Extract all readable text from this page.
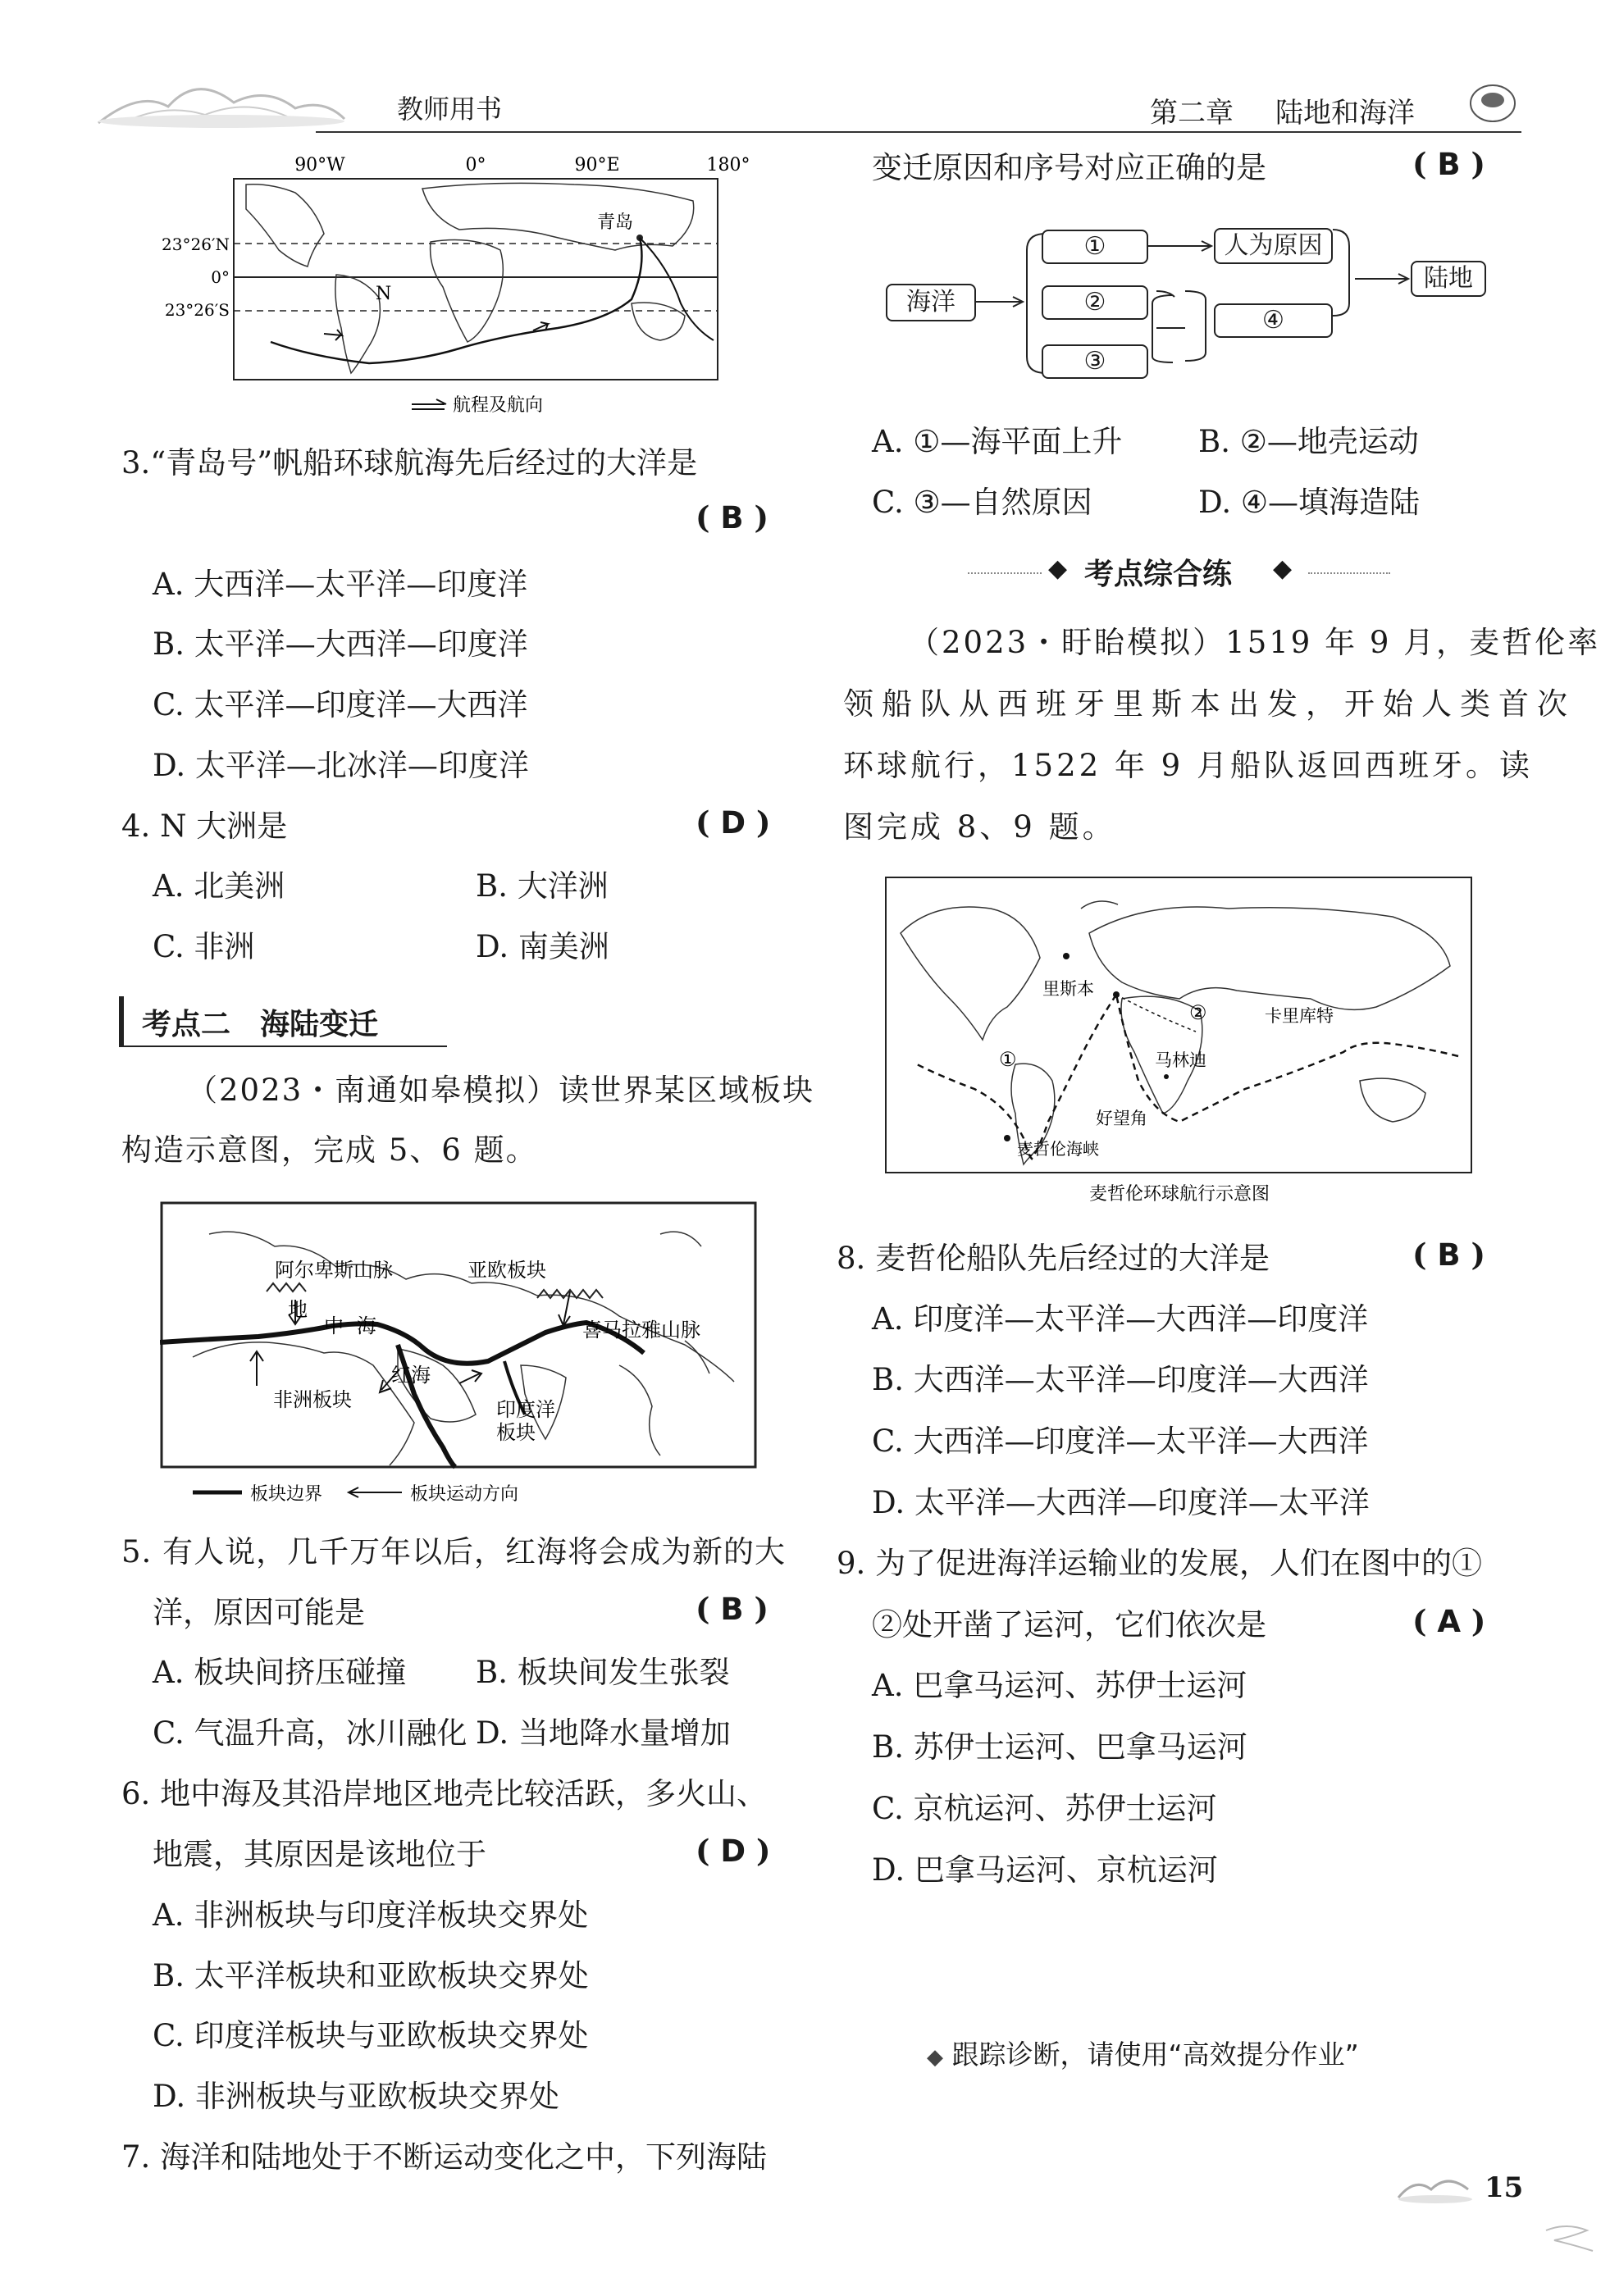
教师用书	第二章 陆地和海洋
90°W	0°	90°E	180°
23°26′N
0°
23°26′S
N
青岛
航程及航向
3.“青岛号”帆船环球航海先后经过的大洋是
( B )
A. 大西洋—太平洋—印度洋
B. 太平洋—大西洋—印度洋
C. 太平洋—印度洋—大西洋
D. 太平洋—北冰洋—印度洋
4. N 大洲是	( D )
A. 北美洲	B. 大洋洲
C. 非洲	D. 南美洲
考点二　海陆变迁
（2023・南通如皋模拟）读世界某区域板块
构造示意图，完成 5、6 题。
阿尔卑斯山脉	亚欧板块
地
中 海	喜马拉雅山脉
红海
非洲板块	印度洋
板块
板块边界	板块运动方向
5. 有人说，几千万年以后，红海将会成为新的大
洋，原因可能是	( B )
A. 板块间挤压碰撞 B. 板块间发生张裂
C. 气温升高，冰川融化 D. 当地降水量增加
6. 地中海及其沿岸地区地壳比较活跃，多火山、
地震，其原因是该地位于	( D )
A. 非洲板块与印度洋板块交界处
B. 太平洋板块和亚欧板块交界处
C. 印度洋板块与亚欧板块交界处
D. 非洲板块与亚欧板块交界处
7. 海洋和陆地处于不断运动变化之中，下列海陆
变迁原因和序号对应正确的是	( B )
海洋
①
②
③
人为原因
④
陆地
A. ①—海平面上升	B. ②—地壳运动
C. ③—自然原因	D. ④—填海造陆
◆ 考点综合练 ◆
（2023・盱眙模拟）1519 年 9 月，麦哲伦率
领船队从西班牙里斯本出发，开始人类首次
环球航行，1522 年 9 月船队返回西班牙。读
图完成 8、9 题。
里斯本
②	卡里库特
①	马林迪
好望角
麦哲伦海峡
麦哲伦环球航行示意图
8. 麦哲伦船队先后经过的大洋是	( B )
A. 印度洋—太平洋—大西洋—印度洋
B. 大西洋—太平洋—印度洋—大西洋
C. 大西洋—印度洋—太平洋—大西洋
D. 太平洋—大西洋—印度洋—太平洋
9. 为了促进海洋运输业的发展，人们在图中的①
②处开凿了运河，它们依次是	( A )
A. 巴拿马运河、苏伊士运河
B. 苏伊士运河、巴拿马运河
C. 京杭运河、苏伊士运河
D. 巴拿马运河、京杭运河
◆ 跟踪诊断，请使用“高效提分作业”
15
